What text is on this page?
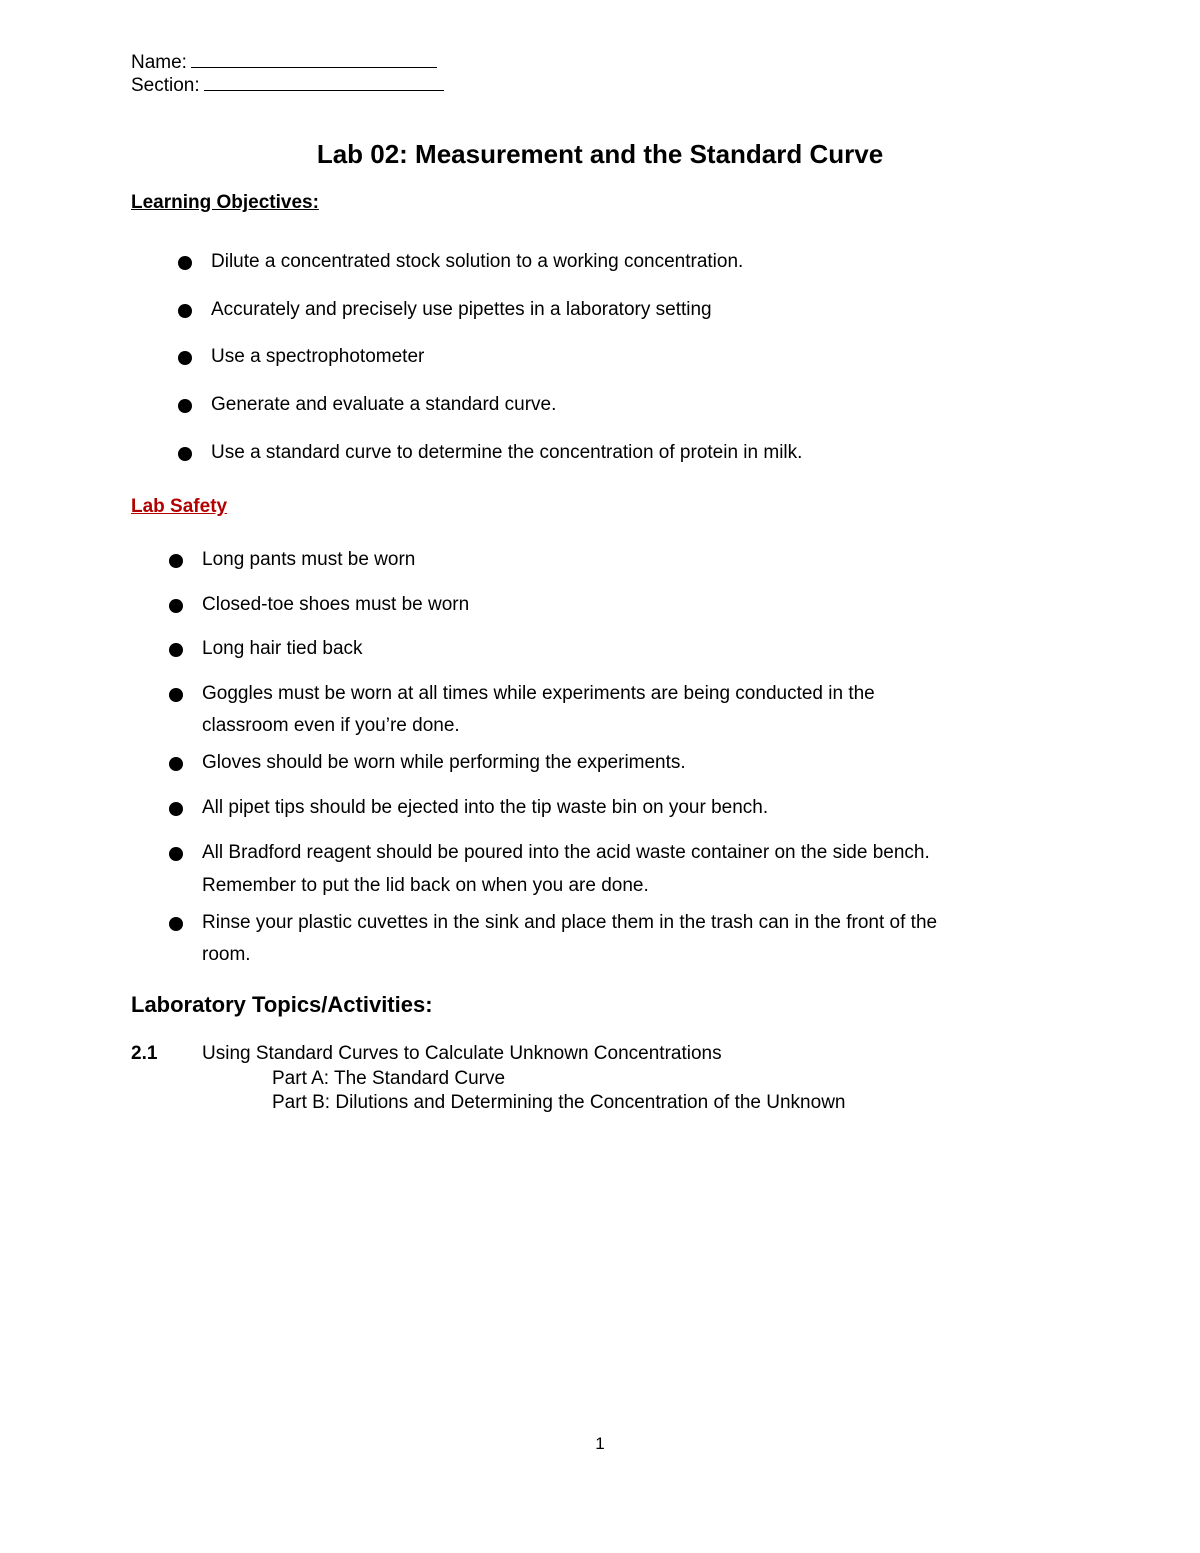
Name:
Section:
Lab 02: Measurement and the Standard Curve
Learning Objectives:
Dilute a concentrated stock solution to a working concentration.
Accurately and precisely use pipettes in a laboratory setting
Use a spectrophotometer
Generate and evaluate a standard curve.
Use a standard curve to determine the concentration of protein in milk.
Lab Safety
Long pants must be worn
Closed-toe shoes must be worn
Long hair tied back
Goggles must be worn at all times while experiments are being conducted in the
classroom even if you’re done.
Gloves should be worn while performing the experiments.
All pipet tips should be ejected into the tip waste bin on your bench.
All Bradford reagent should be poured into the acid waste container on the side bench.
Remember to put the lid back on when you are done.
Rinse your plastic cuvettes in the sink and place them in the trash can in the front of the
room.
Laboratory Topics/Activities:
2.1 Using Standard Curves to Calculate Unknown Concentrations
Part A: The Standard Curve
Part B: Dilutions and Determining the Concentration of the Unknown
1
